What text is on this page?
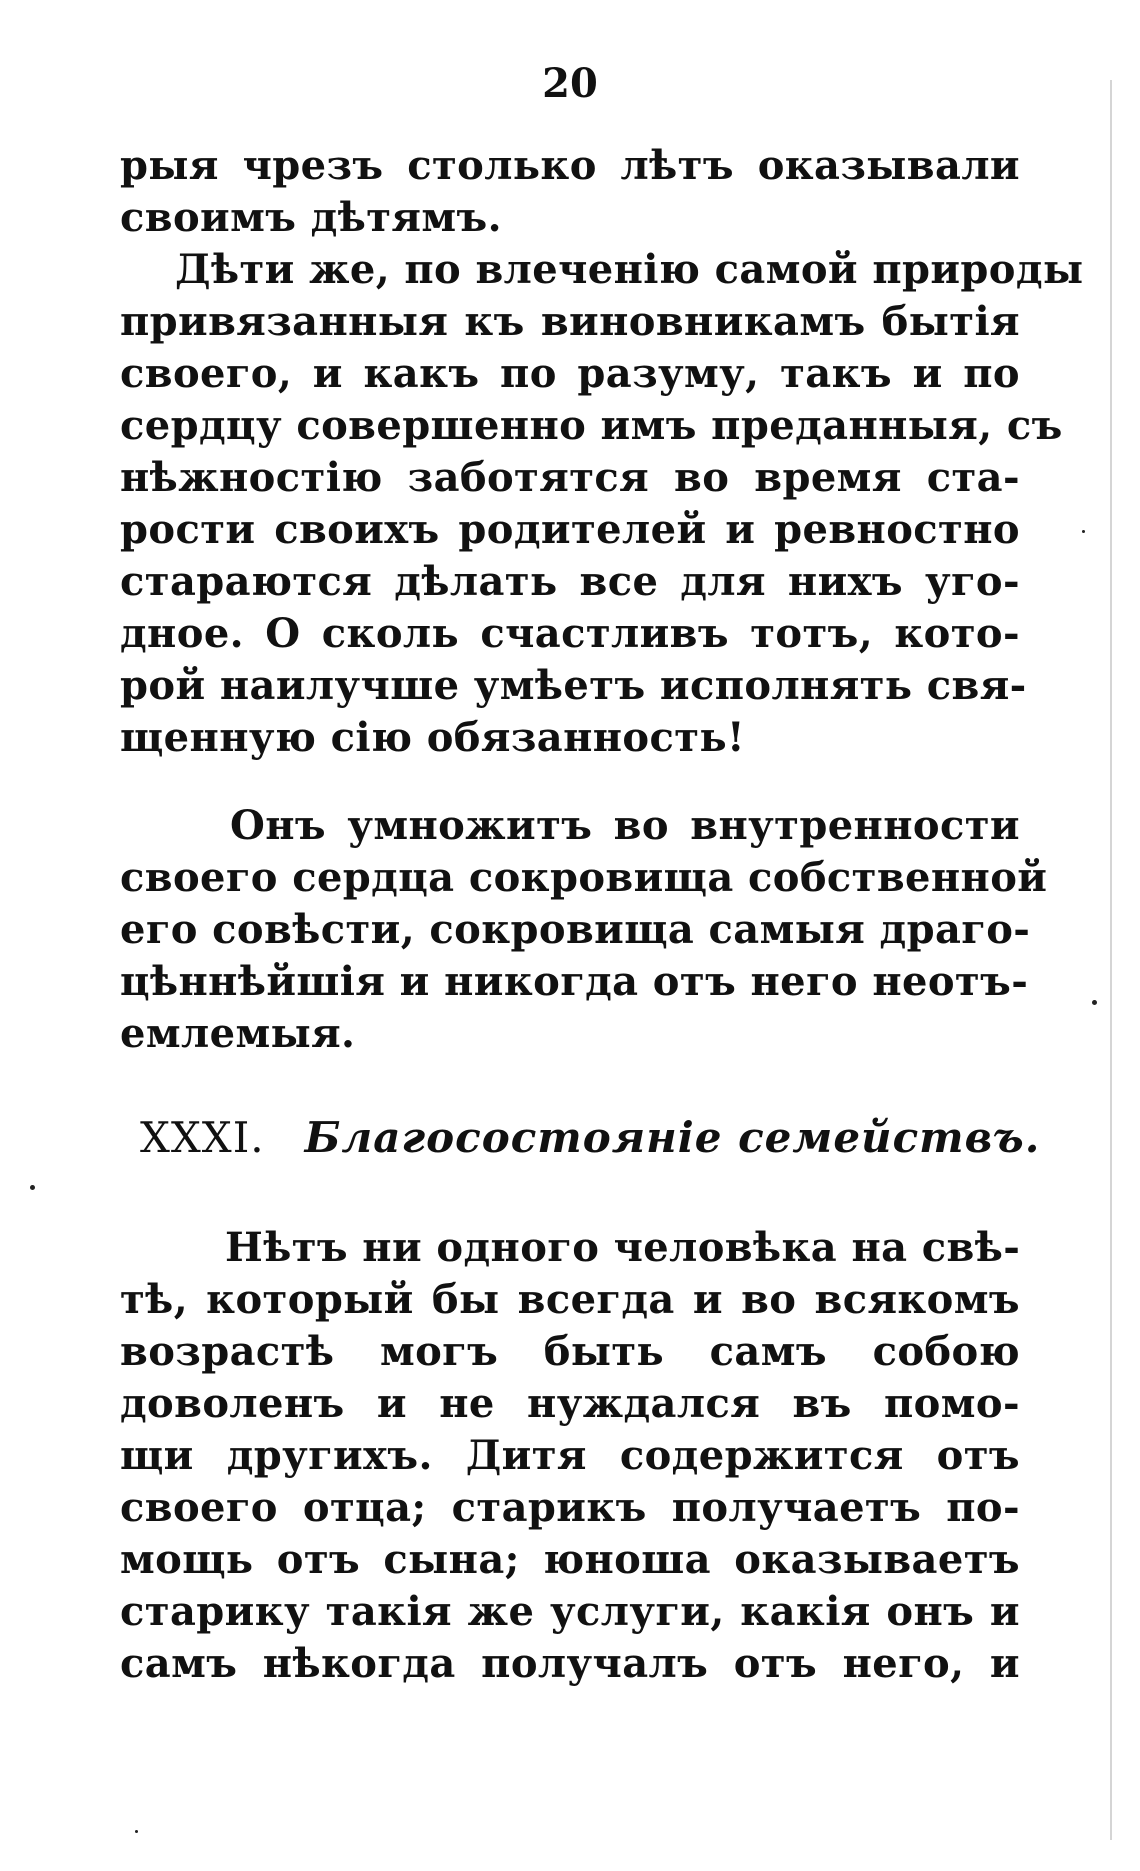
20
рыя чрезъ столько лѣтъ оказывали
своимъ дѣтямъ.
Дѣти же, по влеченію самой природы
привязанныя къ виновникамъ бытія
своего, и какъ по разуму, такъ и по
сердцу совершенно имъ преданныя, съ
нѣжностію заботятся во время ста-
рости своихъ родителей и ревностно
стараются дѣлать все для нихъ уго-
дное. О сколь счастливъ тотъ, кото-
рой наилучше умѣетъ исполнять свя-
щенную сію обязанность!
Онъ умножитъ во внутренности
своего сердца сокровища собственной
его совѣсти, сокровища самыя драго-
цѣннѣйшія и никогда отъ него неотъ-
емлемыя.
XXXI. Благосостояніе семействъ.
Нѣтъ ни одного человѣка на свѣ-
тѣ, который бы всегда и во всякомъ
возрастѣ могъ быть самъ собою
доволенъ и не нуждался въ помо-
щи другихъ. Дитя содержится отъ
своего отца; старикъ получаетъ по-
мощь отъ сына; юноша оказываетъ
старику такія же услуги, какія онъ и
самъ нѣкогда получалъ отъ него, и
